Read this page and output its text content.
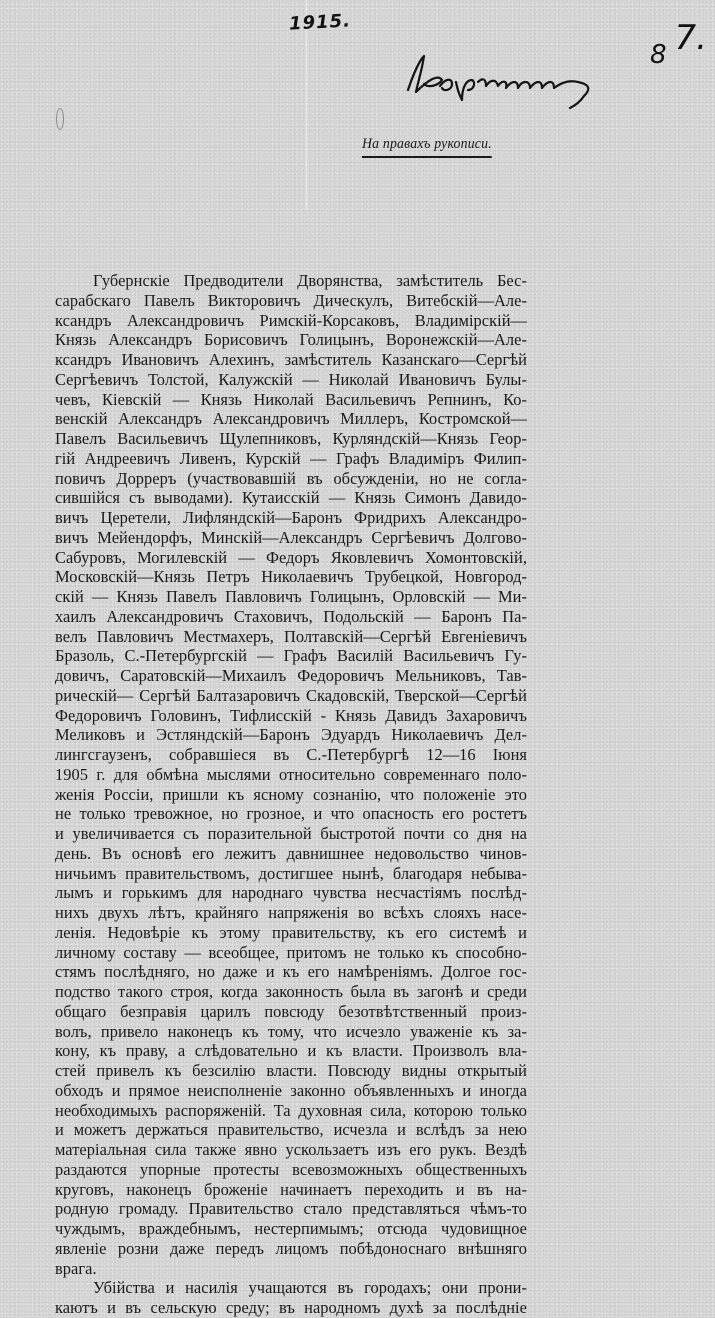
1915.
$_8$ 7.
На правахъ рукописи.
Губернскіе Предводители Дворянства, замѣститель Бес-
сарабскаго Павелъ Викторовичъ Дическулъ, Витебскій—Але-
ксандръ Александровичъ Римскій-Корсаковъ, Владимірскій—
Князь Александръ Борисовичъ Голицынъ, Воронежскій—Але-
ксандръ Ивановичъ Алехинъ, замѣститель Казанскаго—Сергѣй
Сергѣевичъ Толстой, Калужскій — Николай Ивановичъ Булы-
чевъ, Кіевскій — Князь Николай Васильевичъ Репнинъ, Ко-
венскій Александръ Александровичъ Миллеръ, Костромской—
Павелъ Васильевичъ Щулепниковъ, Курляндскій—Князь Геор-
гій Андреевичъ Ливенъ, Курскій — Графъ Владиміръ Филип-
повичъ Дорреръ (участвовавшій въ обсужденіи, но не согла-
сившійся съ выводами). Кутаисскій — Князь Симонъ Давидо-
вичъ Церетели, Лифляндскій—Баронъ Фридрихъ Александро-
вичъ Мейендорфъ, Минскій—Александръ Сергѣевичъ Долгово-
Сабуровъ, Могилевскій — Федоръ Яковлевичъ Хомонтовскій,
Московскій—Князь Петръ Николаевичъ Трубецкой, Новгород-
скій — Князь Павелъ Павловичъ Голицынъ, Орловскій — Ми-
хаилъ Александровичъ Стаховичъ, Подольскій — Баронъ Па-
велъ Павловичъ Местмахеръ, Полтавскій—Сергѣй Евгеніевичъ
Бразоль, С.-Петербургскій — Графъ Василій Васильевичъ Гу-
довичъ, Саратовскій—Михаилъ Федоровичъ Мельниковъ, Тав-
рическій— Сергѣй Балтазаровичъ Скадовскій, Тверской—Сергѣй
Федоровичъ Головинъ, Тифлисскій - Князь Давидъ Захаровичъ
Меликовъ и Эстляндскій—Баронъ Эдуардъ Николаевичъ Дел-
лингсгаузенъ, собравшіеся въ С.-Петербургѣ 12—16 Іюня
1905 г. для обмѣна мыслями относительно современнаго поло-
женія Россіи, пришли къ ясному сознанію, что положеніе это
не только тревожное, но грозное, и что опасность его ростетъ
и увеличивается съ поразительной быстротой почти со дня на
день. Въ основѣ его лежитъ давнишнее недовольство чинов-
ничьимъ правительствомъ, достигшее нынѣ, благодаря небыва-
лымъ и горькимъ для народнаго чувства несчастіямъ послѣд-
нихъ двухъ лѣтъ, крайняго напряженія во всѣхъ слояхъ насе-
ленія. Недовѣріе къ этому правительству, къ его системѣ и
личному составу — всеобщее, притомъ не только къ способно-
стямъ послѣдняго, но даже и къ его намѣреніямъ. Долгое гос-
подство такого строя, когда законность была въ загонѣ и среди
общаго безправія царилъ повсюду безотвѣтственный произ-
волъ, привело наконецъ къ тому, что исчезло уваженіе къ за-
кону, къ праву, а слѣдовательно и къ власти. Произволъ вла-
стей привелъ къ безсилію власти. Повсюду видны открытый
обходъ и прямое неисполненіе законно объявленныхъ и иногда
необходимыхъ распоряженій. Та духовная сила, которою только
и можетъ держаться правительство, исчезла и вслѣдъ за нею
матеріальная сила также явно ускользаетъ изъ его рукъ. Вездѣ
раздаются упорные протесты всевозможныхъ общественныхъ
круговъ, наконецъ броженіе начинаетъ переходить и въ на-
родную громаду. Правительство стало представляться чѣмъ-то
чуждымъ, враждебнымъ, нестерпимымъ; отсюда чудовищное
явленіе розни даже передъ лицомъ побѣдоноснаго внѣшняго
врага.
Убійства и насилія учащаются въ городахъ; они прони-
каютъ и въ сельскую среду; въ народномъ духѣ за послѣдніе
